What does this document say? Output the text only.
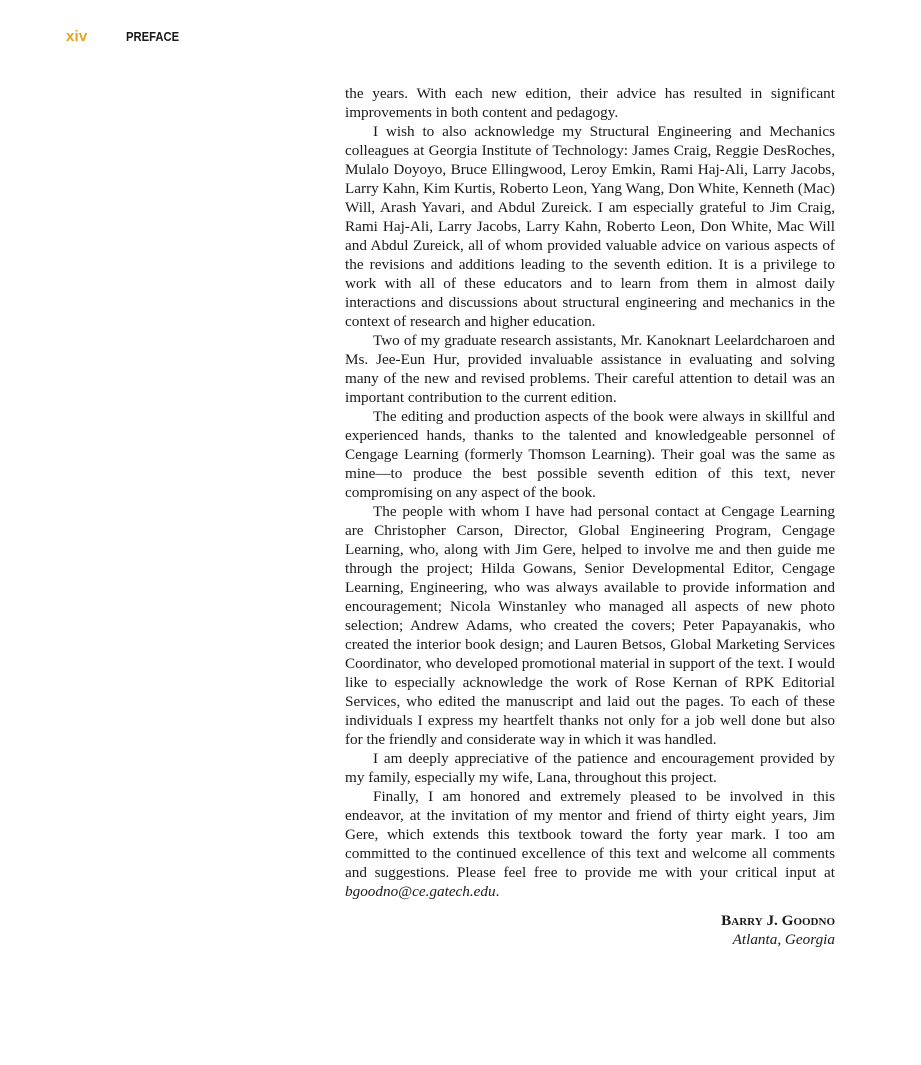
xiv	PREFACE

the years. With each new edition, their advice has resulted in significant improvements in both content and pedagogy.

I wish to also acknowledge my Structural Engineering and Mechanics colleagues at Georgia Institute of Technology: James Craig, Reggie DesRoches, Mulalo Doyoyo, Bruce Ellingwood, Leroy Emkin, Rami Haj-Ali, Larry Jacobs, Larry Kahn, Kim Kurtis, Roberto Leon, Yang Wang, Don White, Kenneth (Mac) Will, Arash Yavari, and Abdul Zureick. I am especially grateful to Jim Craig, Rami Haj-Ali, Larry Jacobs, Larry Kahn, Roberto Leon, Don White, Mac Will and Abdul Zureick, all of whom provided valuable advice on various aspects of the revisions and additions leading to the seventh edition. It is a privilege to work with all of these educators and to learn from them in almost daily interactions and discussions about structural engineering and mechanics in the context of research and higher education.

Two of my graduate research assistants, Mr. Kanoknart Leelardcharoen and Ms. Jee-Eun Hur, provided invaluable assistance in evaluating and solving many of the new and revised problems. Their careful attention to detail was an important contribution to the current edition.

The editing and production aspects of the book were always in skillful and experienced hands, thanks to the talented and knowledgeable personnel of Cengage Learning (formerly Thomson Learning). Their goal was the same as mine—to produce the best possible seventh edition of this text, never compromising on any aspect of the book.

The people with whom I have had personal contact at Cengage Learning are Christopher Carson, Director, Global Engineering Program, Cengage Learning, who, along with Jim Gere, helped to involve me and then guide me through the project; Hilda Gowans, Senior Developmental Editor, Cengage Learning, Engineering, who was always available to provide information and encouragement; Nicola Winstanley who managed all aspects of new photo selection; Andrew Adams, who created the covers; Peter Papayanakis, who created the interior book design; and Lauren Betsos, Global Marketing Services Coordinator, who developed promotional material in support of the text. I would like to especially acknowledge the work of Rose Kernan of RPK Editorial Services, who edited the manuscript and laid out the pages. To each of these individuals I express my heartfelt thanks not only for a job well done but also for the friendly and considerate way in which it was handled.

I am deeply appreciative of the patience and encouragement provided by my family, especially my wife, Lana, throughout this project.

Finally, I am honored and extremely pleased to be involved in this endeavor, at the invitation of my mentor and friend of thirty eight years, Jim Gere, which extends this textbook toward the forty year mark. I too am committed to the continued excellence of this text and welcome all comments and suggestions. Please feel free to provide me with your critical input at bgoodno@ce.gatech.edu.

Barry J. Goodno
Atlanta, Georgia
